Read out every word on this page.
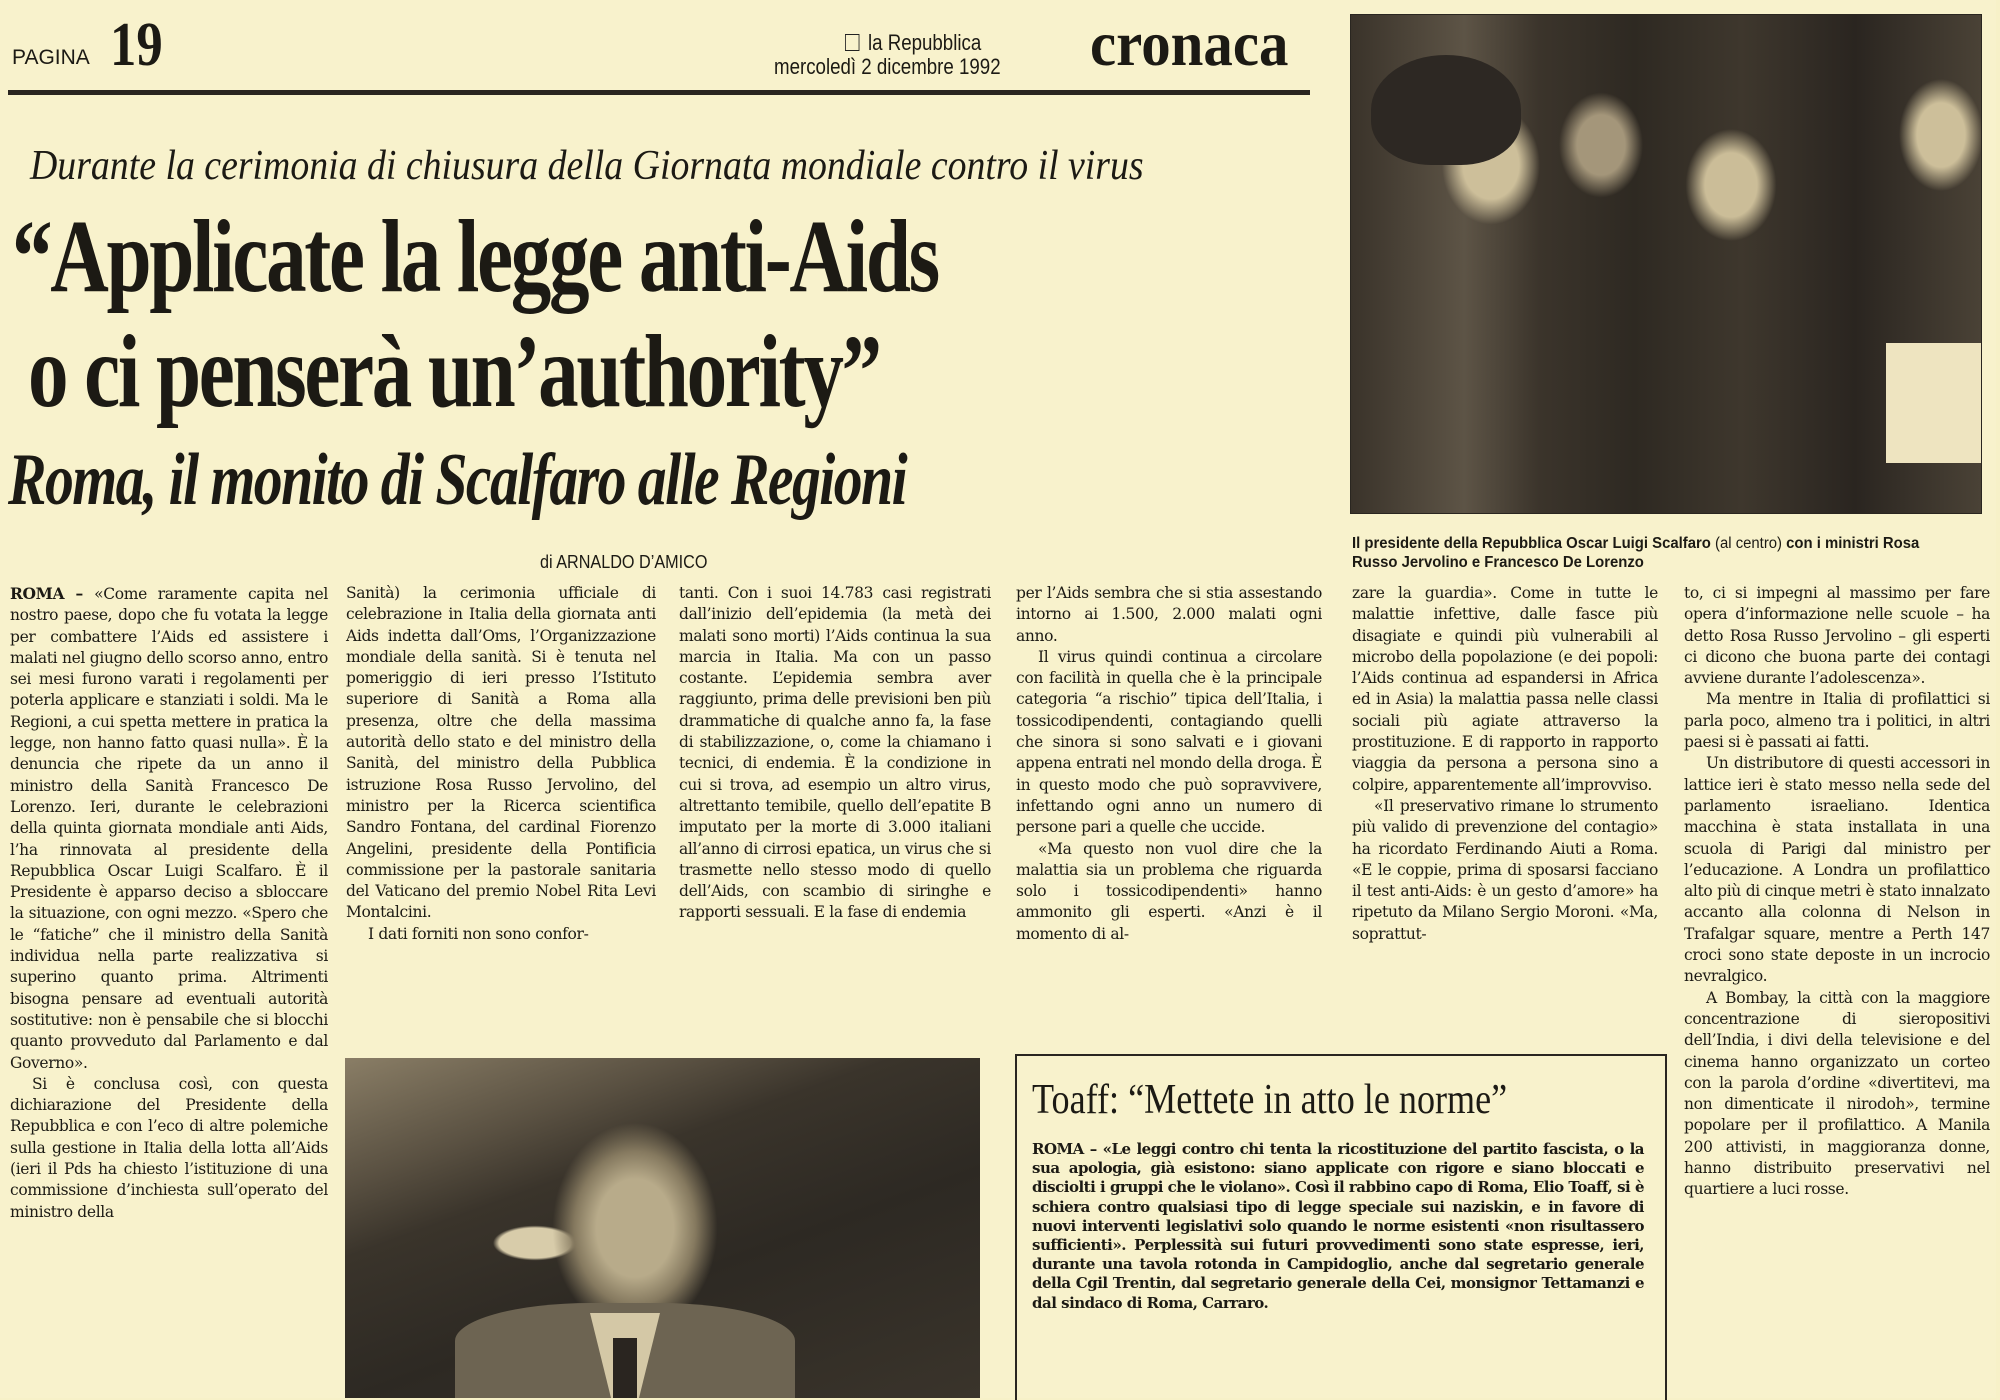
PAGINA 19	la Repubblica
mercoledì 2 dicembre 1992 cronaca
Durante la cerimonia di chiusura della Giornata mondiale contro il virus
“Applicate la legge anti-Aids
o ci penserà un’authority”
Roma, il monito di Scalfaro alle Regioni
di ARNALDO D’AMICO
Il presidente della Repubblica Oscar Luigi Scalfaro (al centro) con i ministri Rosa Russo Jervolino e Francesco De Lorenzo

ROMA – «Come raramente capita nel nostro paese, dopo che fu votata la legge per combattere l’Aids ed assistere i malati nel giugno dello scorso anno, entro sei mesi furono varati i regolamenti per poterla applicare e stanziati i soldi. Ma le Regioni, a cui spetta mettere in pratica la legge, non hanno fatto quasi nulla». È la denuncia che ripete da un anno il ministro della Sanità Francesco De Lorenzo. Ieri, durante le celebrazioni della quinta giornata mondiale anti Aids, l’ha rinnovata al presidente della Repubblica Oscar Luigi Scalfaro. È il Presidente è apparso deciso a sbloccare la situazione, con ogni mezzo. «Spero che le “fatiche” che il ministro della Sanità individua nella parte realizzativa si superino quanto prima. Altrimenti bisogna pensare ad eventuali autorità sostitutive: non è pensabile che si blocchi quanto provveduto dal Parlamento e dal Governo».

Si è conclusa così, con questa dichiarazione del Presidente della Repubblica e con l’eco di altre polemiche sulla gestione in Italia della lotta all’Aids (ieri il Pds ha chiesto l’istituzione di una commissione d’inchiesta sull’operato del ministro della

Sanità) la cerimonia ufficiale di celebrazione in Italia della giornata anti Aids indetta dall’Oms, l’Organizzazione mondiale della sanità. Si è tenuta nel pomeriggio di ieri presso l’Istituto superiore di Sanità a Roma alla presenza, oltre che della massima autorità dello stato e del ministro della Sanità, del ministro della Pubblica istruzione Rosa Russo Jervolino, del ministro per la Ricerca scientifica Sandro Fontana, del cardinal Fiorenzo Angelini, presidente della Pontificia commissione per la pastorale sanitaria del Vaticano del premio Nobel Rita Levi Montalcini.

I dati forniti non sono confor-

tanti. Con i suoi 14.783 casi registrati dall’inizio dell’epidemia (la metà dei malati sono morti) l’Aids continua la sua marcia in Italia. Ma con un passo costante. L’epidemia sembra aver raggiunto, prima delle previsioni ben più drammatiche di qualche anno fa, la fase di stabilizzazione, o, come la chiamano i tecnici, di endemia. È la condizione in cui si trova, ad esempio un altro virus, altrettanto temibile, quello dell’epatite B imputato per la morte di 3.000 italiani all’anno di cirrosi epatica, un virus che si trasmette nello stesso modo di quello dell’Aids, con scambio di siringhe e rapporti sessuali. E la fase di endemia

per l’Aids sembra che si stia assestando intorno ai 1.500, 2.000 malati ogni anno.

Il virus quindi continua a circolare con facilità in quella che è la principale categoria “a rischio” tipica dell’Italia, i tossicodipendenti, contagiando quelli che sinora si sono salvati e i giovani appena entrati nel mondo della droga. È in questo modo che può sopravvivere, infettando ogni anno un numero di persone pari a quelle che uccide.

«Ma questo non vuol dire che la malattia sia un problema che riguarda solo i tossicodipendenti» hanno ammonito gli esperti. «Anzi è il momento di al-

zare la guardia». Come in tutte le malattie infettive, dalle fasce più disagiate e quindi più vulnerabili al microbo della popolazione (e dei popoli: l’Aids continua ad espandersi in Africa ed in Asia) la malattia passa nelle classi sociali più agiate attraverso la prostituzione. E di rapporto in rapporto viaggia da persona a persona sino a colpire, apparentemente all’improvviso.

«Il preservativo rimane lo strumento più valido di prevenzione del contagio» ha ricordato Ferdinando Aiuti a Roma. «E le coppie, prima di sposarsi facciano il test anti-Aids: è un gesto d’amore» ha ripetuto da Milano Sergio Moroni. «Ma, soprattut-

to, ci si impegni al massimo per fare opera d’informazione nelle scuole – ha detto Rosa Russo Jervolino – gli esperti ci dicono che buona parte dei contagi avviene durante l’adolescenza».

Ma mentre in Italia di profilattici si parla poco, almeno tra i politici, in altri paesi si è passati ai fatti.

Un distributore di questi accessori in lattice ieri è stato messo nella sede del parlamento israeliano. Identica macchina è stata installata in una scuola di Parigi dal ministro per l’educazione. A Londra un profilattico alto più di cinque metri è stato innalzato accanto alla colonna di Nelson in Trafalgar square, mentre a Perth 147 croci sono state deposte in un incrocio nevralgico.

A Bombay, la città con la maggiore concentrazione di sieropositivi dell’India, i divi della televisione e del cinema hanno organizzato un corteo con la parola d’ordine «divertitevi, ma non dimenticate il nirodoh», termine popolare per il profilattico. A Manila 200 attivisti, in maggioranza donne, hanno distribuito preservativi nel quartiere a luci rosse.

Toaff: “Mettete in atto le norme”
ROMA – «Le leggi contro chi tenta la ricostituzione del partito fascista, o la sua apologia, già esistono: siano applicate con rigore e siano bloccati e disciolti i gruppi che le violano». Così il rabbino capo di Roma, Elio Toaff, si è schiera contro qualsiasi tipo di legge speciale sui naziskin, e in favore di nuovi interventi legislativi solo quando le norme esistenti «non risultassero sufficienti». Perplessità sui futuri provvedimenti sono state espresse, ieri, durante una tavola rotonda in Campidoglio, anche dal segretario generale della Cgil Trentin, dal segretario generale della Cei, monsignor Tettamanzi e dal sindaco di Roma, Carraro.
